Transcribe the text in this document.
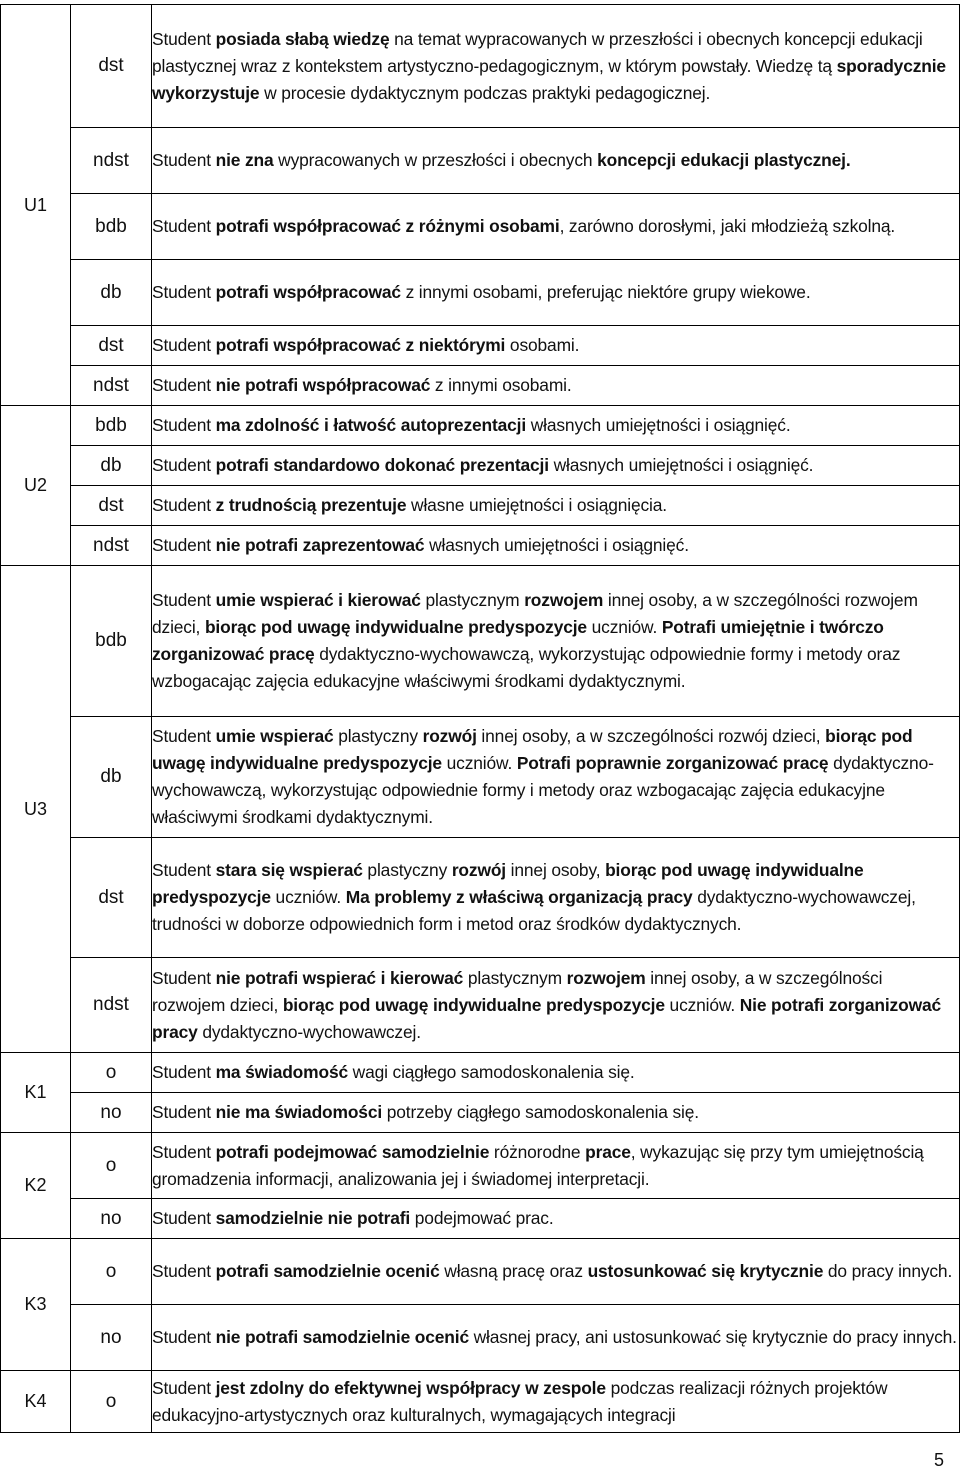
U1	dst	Student posiada słabą wiedzę na temat wypracowanych w przeszłości i obecnych koncepcji edukacji plastycznej wraz z kontekstem artystyczno-pedagogicznym, w którym powstały. Wiedzę tą sporadycznie wykorzystuje w procesie dydaktycznym podczas praktyki pedagogicznej.
	ndst	Student nie zna wypracowanych w przeszłości i obecnych koncepcji edukacji plastycznej.
	bdb	Student potrafi współpracować z różnymi osobami, zarówno dorosłymi, jaki młodzieżą szkolną.
	db	Student potrafi współpracować z innymi osobami, preferując niektóre grupy wiekowe.
	dst	Student potrafi współpracować z niektórymi osobami.
	ndst	Student nie potrafi współpracować z innymi osobami.
U2	bdb	Student ma zdolność i łatwość autoprezentacji własnych umiejętności i osiągnięć.
	db	Student potrafi standardowo dokonać prezentacji własnych umiejętności i osiągnięć.
	dst	Student z trudnością prezentuje własne umiejętności i osiągnięcia.
	ndst	Student nie potrafi zaprezentować własnych umiejętności i osiągnięć.
U3	bdb	Student umie wspierać i kierować plastycznym rozwojem innej osoby, a w szczególności rozwojem dzieci, biorąc pod uwagę indywidualne predyspozycje uczniów. Potrafi umiejętnie i twórczo zorganizować pracę dydaktyczno-wychowawczą, wykorzystując odpowiednie formy i metody oraz wzbogacając zajęcia edukacyjne właściwymi środkami dydaktycznymi.
	db	Student umie wspierać plastyczny rozwój innej osoby, a w szczególności rozwój dzieci, biorąc pod uwagę indywidualne predyspozycje uczniów. Potrafi poprawnie zorganizować pracę dydaktyczno-wychowawczą, wykorzystując odpowiednie formy i metody oraz wzbogacając zajęcia edukacyjne właściwymi środkami dydaktycznymi.
	dst	Student stara się wspierać plastyczny rozwój innej osoby, biorąc pod uwagę indywidualne predyspozycje uczniów. Ma problemy z właściwą organizacją pracy dydaktyczno-wychowawczej, trudności w doborze odpowiednich form i metod oraz środków dydaktycznych.
	ndst	Student nie potrafi wspierać i kierować plastycznym rozwojem innej osoby, a w szczególności rozwojem dzieci, biorąc pod uwagę indywidualne predyspozycje uczniów. Nie potrafi zorganizować pracy dydaktyczno-wychowawczej.
K1	o	Student ma świadomość wagi ciągłego samodoskonalenia się.
	no	Student nie ma świadomości potrzeby ciągłego samodoskonalenia się.
K2	o	Student potrafi podejmować samodzielnie różnorodne prace, wykazując się przy tym umiejętnością gromadzenia informacji, analizowania jej i świadomej interpretacji.
	no	Student samodzielnie nie potrafi podejmować prac.
K3	o	Student potrafi samodzielnie ocenić własną pracę oraz ustosunkować się krytycznie do pracy innych.
	no	Student nie potrafi samodzielnie ocenić własnej pracy, ani ustosunkować się krytycznie do pracy innych.
K4	o	Student jest zdolny do efektywnej współpracy w zespole podczas realizacji różnych projektów edukacyjno-artystycznych oraz kulturalnych, wymagających integracji
5
